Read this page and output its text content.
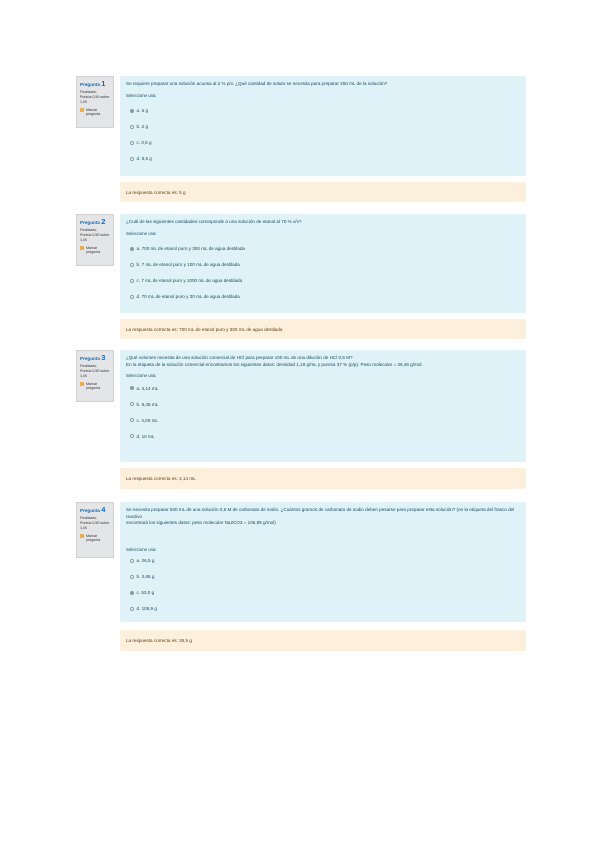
Pregunta 1
Finalizado
Puntúa 0,50 sobre 1,00
Marcar pregunta
Se requiere preparar una solución acuosa al 2 % p/v. ¿Qué cantidad de soluto se necesita para preparar 250 mL de la solución?
Seleccione una:
a. 5 g
b. 2 g
c. 0,5 g
d. 8,5 g
La respuesta correcta es: 5 g
Pregunta 2
Finalizado
Puntúa 0,50 sobre 1,00
Marcar pregunta
¿Cuál de las siguientes cantidades corresponde a una solución de etanol al 70 % v/v?
Seleccione una:
a. 700 mL de etanol puro y 300 mL de agua destilada
b. 7 mL de etanol puro y 100 mL de agua destilada
c. 7 mL de etanol puro y 1000 mL de agua destilada
d. 70 mL de etanol puro y 30 mL de agua destilada
La respuesta correcta es: 700 mL de etanol puro y 300 mL de agua destilada
Pregunta 3
Finalizado
Puntúa 0,50 sobre 1,00
Marcar pregunta
¿Qué volumen necesita de una solución comercial de HCl para preparar 100 mL de una dilución de HCl 0,5 M?
En la etiqueta de la solución comercial encontramos los siguientes datos: densidad 1,19 g/mL y pureza 37 % (p/p). Peso molecular = 36,46 g/mol.
Seleccione una:
a. 4,14 mL
b. 8,45 mL
c. 4,00 mL
d. 10 mL
La respuesta correcta es: 4,14 mL
Pregunta 4
Finalizado
Puntúa 0,50 sobre 1,00
Marcar pregunta
Se necesita preparar 500 mL de una solución 0,5 M de carbonato de sodio. ¿Cuántos gramos de carbonato de sodio deben pesarse para preparar esta solución? (en la etiqueta del frasco del reactivo
encontrará los siguientes datos: peso molecular Na2CO3 = 105,99 g/mol)
Seleccione una:
a. 26,5 g
b. 2,65 g
c. 53,0 g
d. 105,9 g
La respuesta correcta es: 26,5 g
